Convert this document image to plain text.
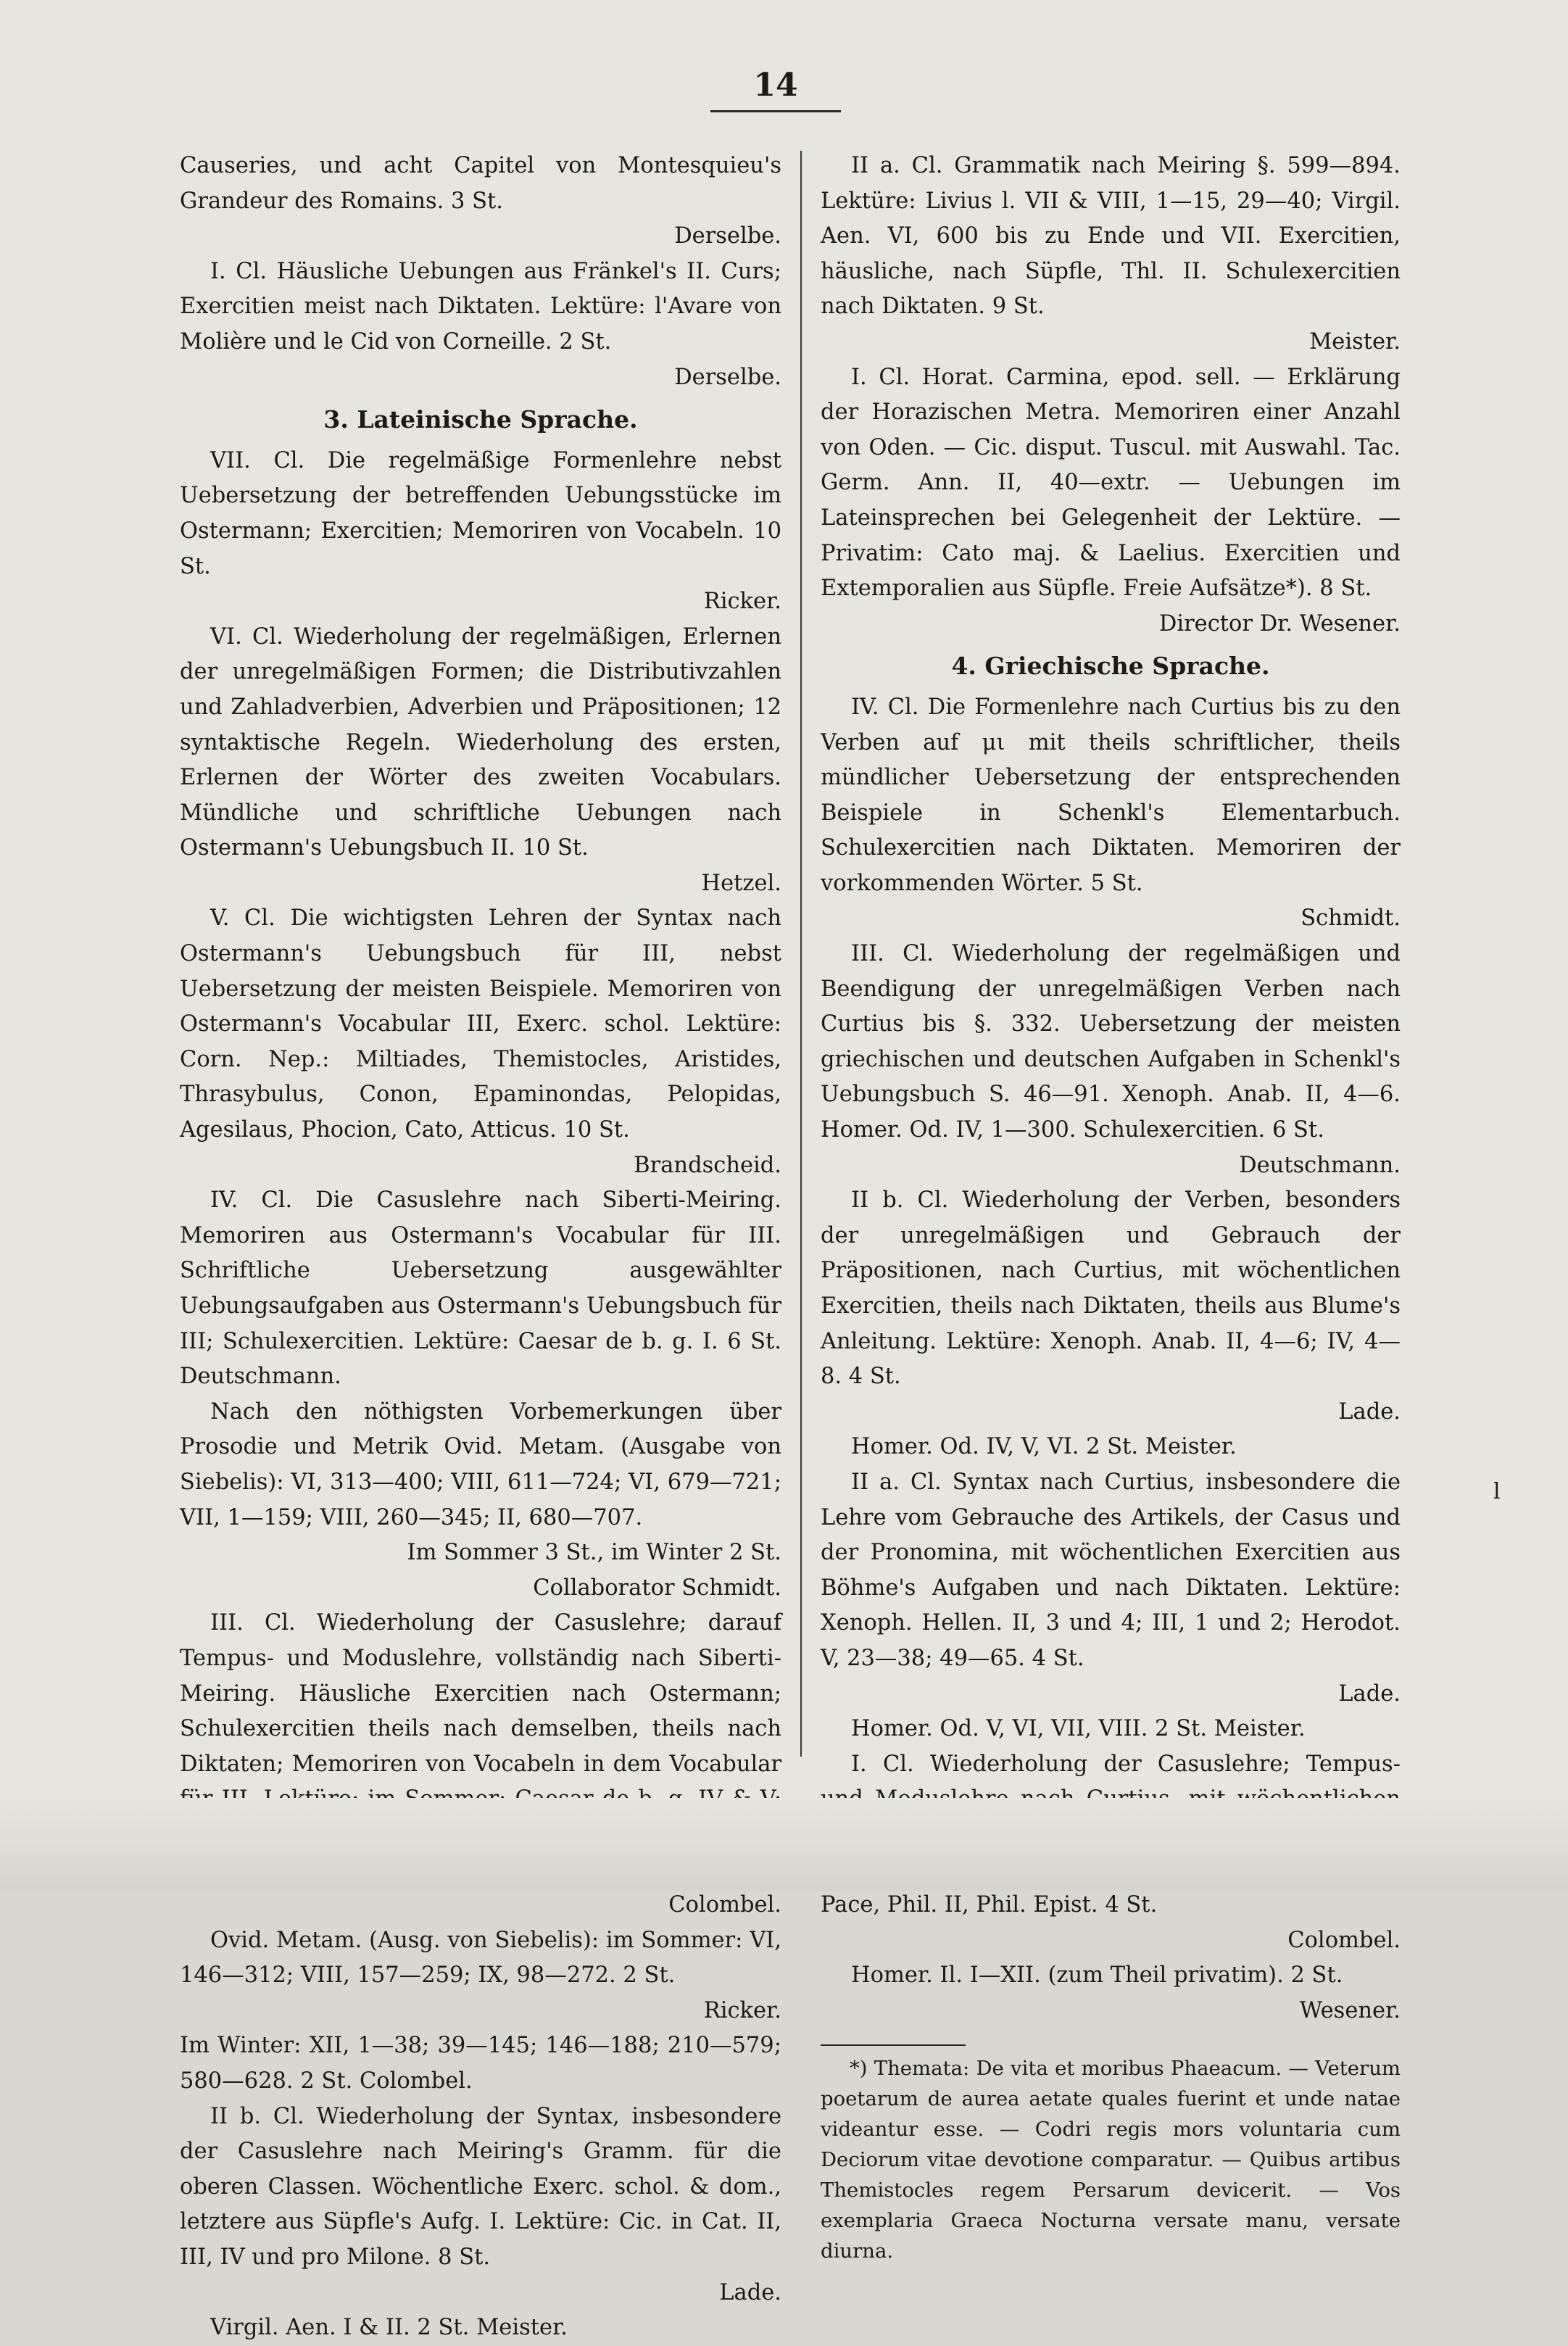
14

Causeries, und acht Capitel von Montesquieu's Grandeur des Romains. 3 St.

Derselbe.

I. Cl. Häusliche Uebungen aus Fränkel's II. Curs; Exercitien meist nach Diktaten. Lektüre: l'Avare von Molière und le Cid von Corneille. 2 St.

Derselbe.
3. Lateinische Sprache.

VII. Cl. Die regelmäßige Formenlehre nebst Uebersetzung der betreffenden Uebungsstücke im Ostermann; Exercitien; Memoriren von Vocabeln. 10 St.

Ricker.

VI. Cl. Wiederholung der regelmäßigen, Erlernen der unregelmäßigen Formen; die Distributivzahlen und Zahladverbien, Adverbien und Präpositionen; 12 syntaktische Regeln. Wiederholung des ersten, Erlernen der Wörter des zweiten Vocabulars. Mündliche und schriftliche Uebungen nach Ostermann's Uebungsbuch II. 10 St.

Hetzel.

V. Cl. Die wichtigsten Lehren der Syntax nach Ostermann's Uebungsbuch für III, nebst Uebersetzung der meisten Beispiele. Memoriren von Ostermann's Vocabular III, Exerc. schol. Lektüre: Corn. Nep.: Miltiades, Themistocles, Aristides, Thrasybulus, Conon, Epaminondas, Pelopidas, Agesilaus, Phocion, Cato, Atticus. 10 St.

Brandscheid.

IV. Cl. Die Casuslehre nach Siberti-Meiring. Memoriren aus Ostermann's Vocabular für III. Schriftliche Uebersetzung ausgewählter Uebungsaufgaben aus Ostermann's Uebungsbuch für III; Schulexercitien. Lektüre: Caesar de b. g. I. 6 St. Deutschmann.

Nach den nöthigsten Vorbemerkungen über Prosodie und Metrik Ovid. Metam. (Ausgabe von Siebelis): VI, 313—400; VIII, 611—724; VI, 679—721; VII, 1—159; VIII, 260—345; II, 680—707.

Im Sommer 3 St., im Winter 2 St.
Collaborator Schmidt.

III. Cl. Wiederholung der Casuslehre; darauf Tempus- und Moduslehre, vollständig nach Siberti-Meiring. Häusliche Exercitien nach Ostermann; Schulexercitien theils nach demselben, theils nach Diktaten; Memoriren von Vocabeln in dem Vocabular

Colombel.

Ovid. Metam. (Ausg. von Siebelis): im Sommer: VI, 146—312; VIII, 157—259; IX, 98—272. 2 St.

Ricker.

Im Winter: XII, 1—38; 39—145; 146—188; 210—579; 580—628. 2 St. Colombel.

II b. Cl. Wiederholung der Syntax, insbesondere der Casuslehre nach Meiring's Gramm. für die oberen Classen. Wöchentliche Exerc. schol. & dom., letztere aus Süpfle's Aufg. I. Lektüre: Cic. in Cat. II, III, IV und pro Milone. 8 St.

Lade.

Virgil. Aen. I & II. 2 St. Meister.

II a. Cl. Grammatik nach Meiring §. 599—894. Lektüre: Livius l. VII & VIII, 1—15, 29—40; Virgil. Aen. VI, 600 bis zu Ende und VII. Exercitien, häusliche, nach Süpfle, Thl. II. Schulexercitien nach Diktaten. 9 St.

Meister.

I. Cl. Horat. Carmina, epod. sell. — Erklärung der Horazischen Metra. Memoriren einer Anzahl von Oden. — Cic. disput. Tuscul. mit Auswahl. Tac. Germ. Ann. II, 40—extr. — Uebungen im Lateinsprechen bei Gelegenheit der Lektüre. — Privatim: Cato maj. & Laelius. Exercitien und Extemporalien aus Süpfle. Freie Aufsätze*). 8 St.

Director Dr. Wesener.
4. Griechische Sprache.

IV. Cl. Die Formenlehre nach Curtius bis zu den Verben auf μι mit theils schriftlicher, theils mündlicher Uebersetzung der entsprechenden Beispiele in Schenkl's Elementarbuch. Schulexercitien nach Diktaten. Memoriren der vorkommenden Wörter. 5 St.

Schmidt.

III. Cl. Wiederholung der regelmäßigen und Beendigung der unregelmäßigen Verben nach Curtius bis §. 332. Uebersetzung der meisten griechischen und deutschen Aufgaben in Schenkl's Uebungsbuch S. 46—91. Xenoph. Anab. II, 4—6. Homer. Od. IV, 1—300. Schulexercitien. 6 St.

Deutschmann.

II b. Cl. Wiederholung der Verben, besonders der unregelmäßigen und Gebrauch der Präpositionen, nach Curtius, mit wöchentlichen Exercitien, theils nach Diktaten, theils aus Blume's Anleitung. Lektüre: Xenoph. Anab. II, 4—6; IV, 4—8. 4 St.

Lade.

Homer. Od. IV, V, VI. 2 St. Meister.

II a. Cl. Syntax nach Curtius, insbesondere die Lehre vom Gebrauche des Artikels, der Casus und der Pronomina, mit wöchentlichen Exercitien aus Böhme's Aufgaben und nach Diktaten. Lektüre: Xenoph. Hellen. II, 3 und 4; III, 1 und 2; Herodot. V, 23—38; 49—65. 4 St.

Lade.

Homer. Od. V, VI, VII, VIII. 2 St. Meister.

I. Cl. Wiederholung der Casuslehre; Tempus- Pace, Phil. II, Phil. Epist. 4 St.

Colombel.

Homer. Il. I—XII. (zum Theil privatim). 2 St.

Wesener.

*) Themata: De vita et moribus Phaeacum. — Veterum poetarum de aurea aetate quales fuerint et unde natae videantur esse. — Codri regis mors voluntaria cum Deciorum vitae devotione comparatur. — Quibus artibus Themistocles regem Persarum devicerit. — Vos exemplaria Graeca Nocturna versate manu, versate diurna.

ⅼ
